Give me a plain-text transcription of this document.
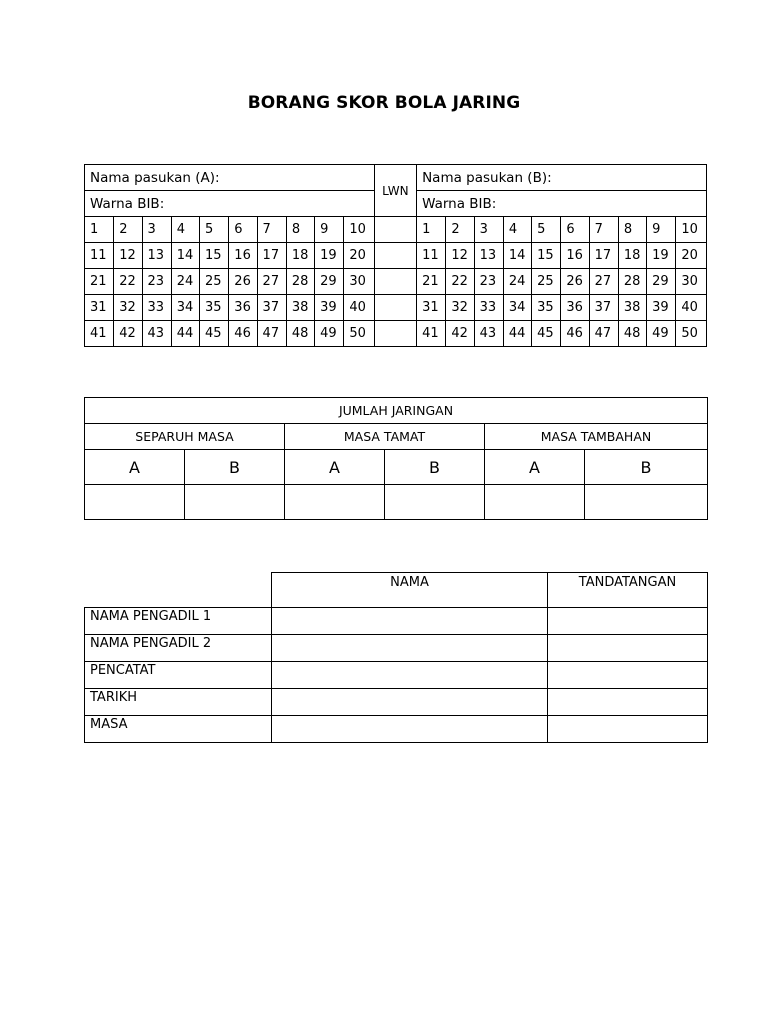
BORANG SKOR BOLA JARING
Nama pasukan (A):										LWN	Nama pasukan (B):									
Warna BIB:											Warna BIB:									
1	2	3	4	5	6	7	8	9	10		1	2	3	4	5	6	7	8	9	10
11	12	13	14	15	16	17	18	19	20		11	12	13	14	15	16	17	18	19	20
21	22	23	24	25	26	27	28	29	30		21	22	23	24	25	26	27	28	29	30
31	32	33	34	35	36	37	38	39	40		31	32	33	34	35	36	37	38	39	40
41	42	43	44	45	46	47	48	49	50		41	42	43	44	45	46	47	48	49	50
JUMLAH JARINGAN					
SEPARUH MASA		MASA TAMAT		MASA TAMBAHAN	
A	B	A	B	A	B

	NAMA	TANDATANGAN
NAMA PENGADIL 1		
NAMA PENGADIL 2		
PENCATAT		
TARIKH		
MASA		
